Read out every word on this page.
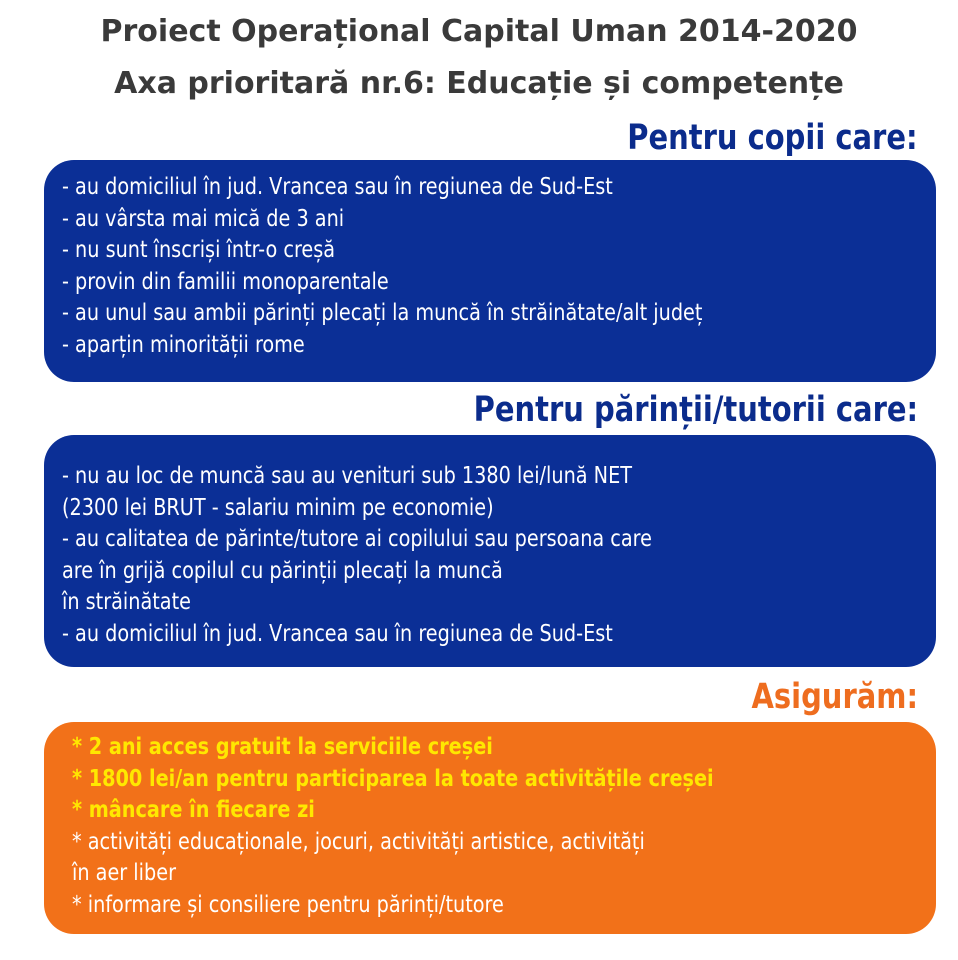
Proiect Operațional Capital Uman 2014-2020
Axa prioritară nr.6: Educație și competențe
Pentru copii care:
- au domiciliul în jud. Vrancea sau în regiunea de Sud-Est
- au vârsta mai mică de 3 ani
- nu sunt înscriși într-o creșă
- provin din familii monoparentale
- au unul sau ambii părinți plecați la muncă în străinătate/alt județ
- aparțin minorității rome
Pentru părinții/tutorii care:
- nu au loc de muncă sau au venituri sub 1380 lei/lună NET
(2300 lei BRUT - salariu minim pe economie)
- au calitatea de părinte/tutore ai copilului sau persoana care
are în grijă copilul cu părinții plecați la muncă
în străinătate
- au domiciliul în jud. Vrancea sau în regiunea de Sud-Est
Asigurăm:
* 2 ani acces gratuit la serviciile creșei
* 1800 lei/an pentru participarea la toate activitățile creșei
* mâncare în fiecare zi
* activități educaționale, jocuri, activități artistice, activități
în aer liber
* informare și consiliere pentru părinți/tutore
